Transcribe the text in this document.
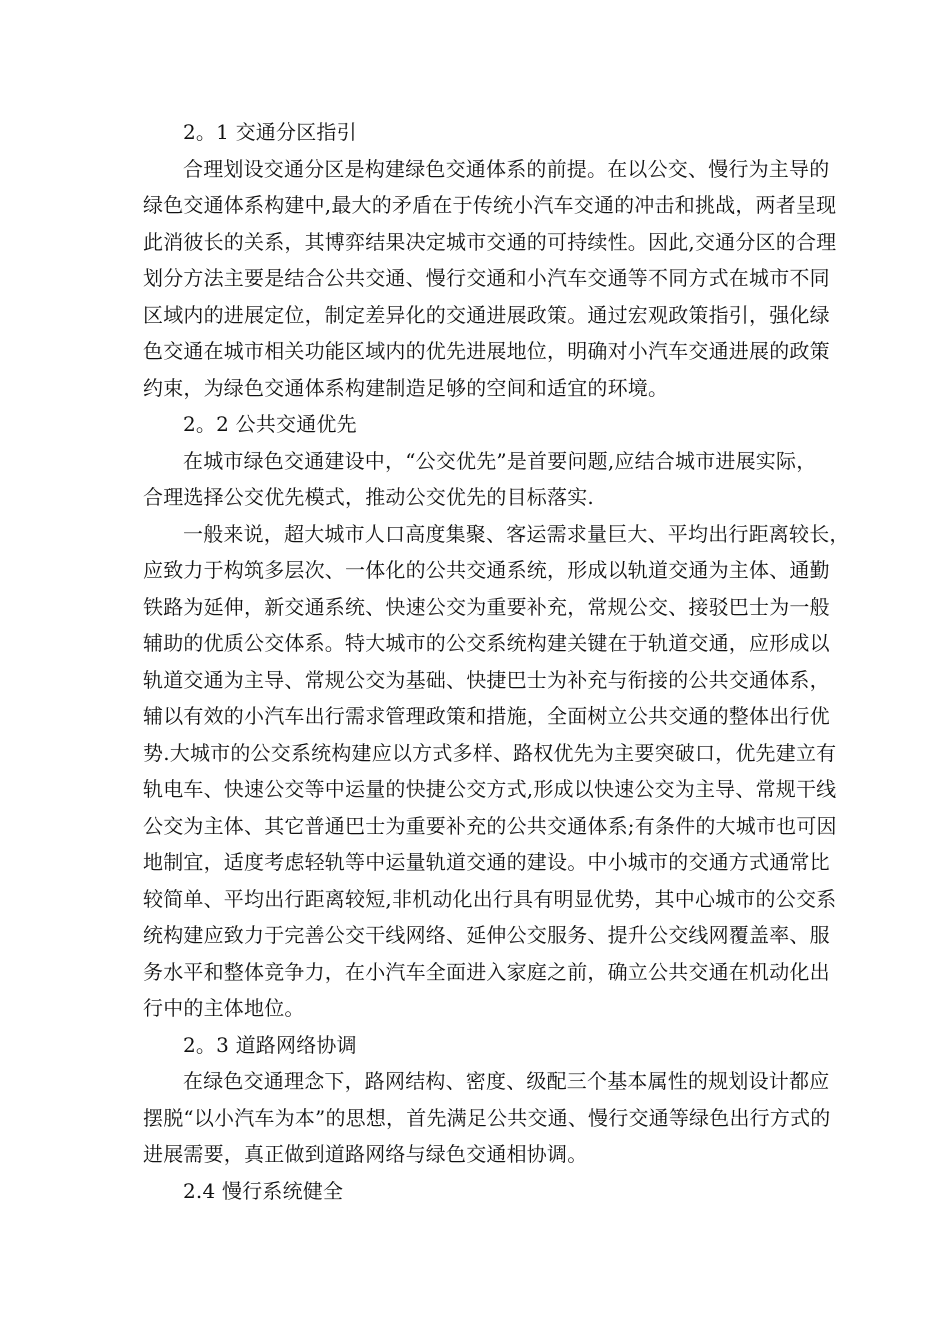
2。1 交通分区指引
合理划设交通分区是构建绿色交通体系的前提。在以公交、慢行为主导的
绿色交通体系构建中,最大的矛盾在于传统小汽车交通的冲击和挑战，两者呈现
此消彼长的关系，其博弈结果决定城市交通的可持续性。因此,交通分区的合理
划分方法主要是结合公共交通、慢行交通和小汽车交通等不同方式在城市不同
区域内的进展定位，制定差异化的交通进展政策。通过宏观政策指引，强化绿
色交通在城市相关功能区域内的优先进展地位，明确对小汽车交通进展的政策
约束，为绿色交通体系构建制造足够的空间和适宜的环境。
2。2 公共交通优先
在城市绿色交通建设中，“公交优先”是首要问题,应结合城市进展实际，
合理选择公交优先模式，推动公交优先的目标落实.
一般来说，超大城市人口高度集聚、客运需求量巨大、平均出行距离较长，
应致力于构筑多层次、一体化的公共交通系统，形成以轨道交通为主体、通勤
铁路为延伸，新交通系统、快速公交为重要补充，常规公交、接驳巴士为一般
辅助的优质公交体系。特大城市的公交系统构建关键在于轨道交通，应形成以
轨道交通为主导、常规公交为基础、快捷巴士为补充与衔接的公共交通体系，
辅以有效的小汽车出行需求管理政策和措施，全面树立公共交通的整体出行优
势.大城市的公交系统构建应以方式多样、路权优先为主要突破口，优先建立有
轨电车、快速公交等中运量的快捷公交方式,形成以快速公交为主导、常规干线
公交为主体、其它普通巴士为重要补充的公共交通体系;有条件的大城市也可因
地制宜，适度考虑轻轨等中运量轨道交通的建设。中小城市的交通方式通常比
较简单、平均出行距离较短,非机动化出行具有明显优势，其中心城市的公交系
统构建应致力于完善公交干线网络、延伸公交服务、提升公交线网覆盖率、服
务水平和整体竞争力，在小汽车全面进入家庭之前，确立公共交通在机动化出
行中的主体地位。
2。3 道路网络协调
在绿色交通理念下，路网结构、密度、级配三个基本属性的规划设计都应
摆脱“以小汽车为本”的思想，首先满足公共交通、慢行交通等绿色出行方式的
进展需要，真正做到道路网络与绿色交通相协调。
2.4 慢行系统健全
